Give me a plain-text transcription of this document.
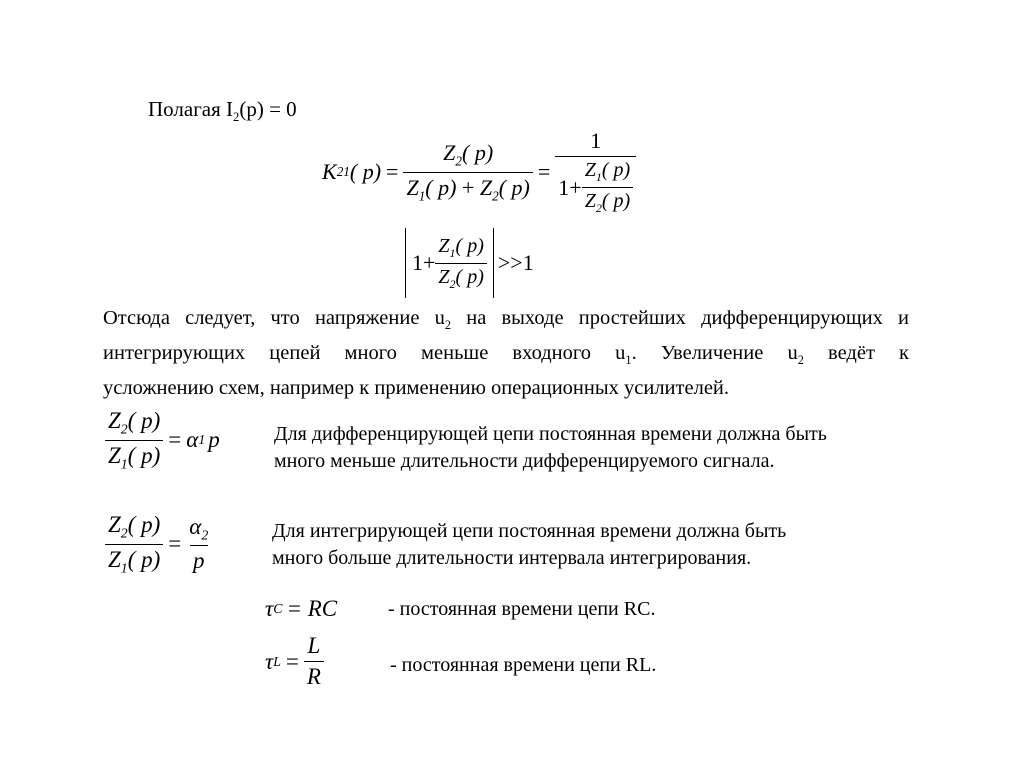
Полагая $I_2(p) = 0$
K 21 ( $p) = \frac{Z_2( p)}{Z_1( p) + Z_2( p)} = \frac{1}{1 + \frac{Z_1( p)}{Z_2( p)}}$
$1 + \frac{Z_1( p)}{Z_2( p)} >>1$
Отсюда следует, что напряжение $u_2$ на выходе простейших дифференцирующих и
интегрирующих цепей много меньше входного $u_1$. Увеличение $u_2$ ведёт к
усложнению схем, например к применению операционных усилителей.
$\frac{Z_2( p)}{Z_1( p)} = \alpha$ 1 p	Для дифференцирующей цепи постоянная времени должна быть
много меньше длительности дифференцируемого сигнала.
$\frac{Z_2( p)}{Z_1( p)} = \frac{\alpha_2}{p}$	Для интегрирующей цепи постоянная времени должна быть
много больше длительности интервала интегрирования.
τ C = RC	- постоянная времени цепи RC.
τ $L = \frac{L}{R}$	- постоянная времени цепи RL.
